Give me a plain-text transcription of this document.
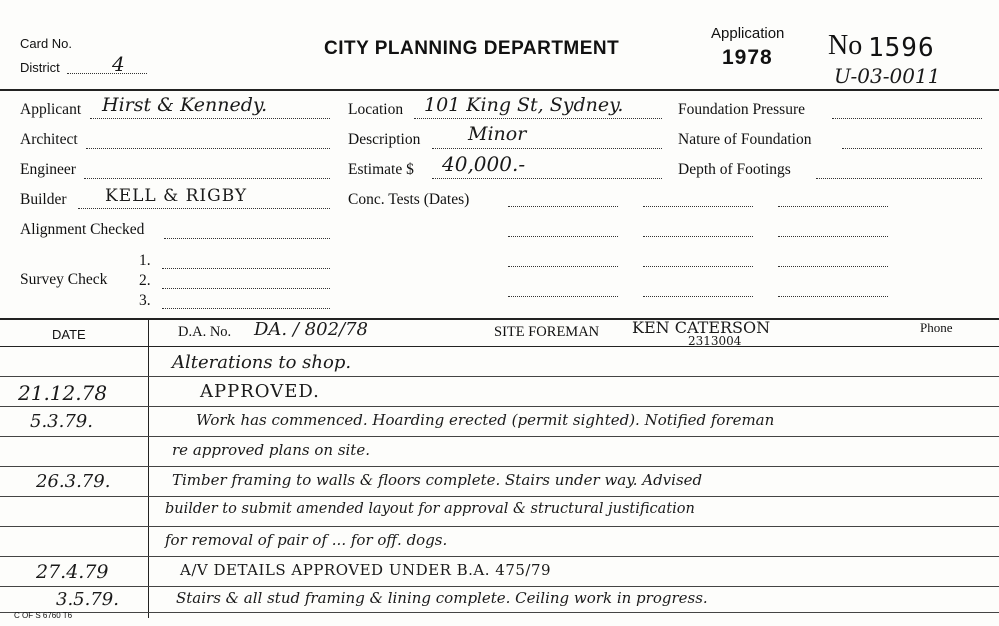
Card No.
District	4
CITY PLANNING DEPARTMENT
Application
1978 No 1596
U-03-0011
Applicant Hirst & Kennedy.
Architect
Engineer
Builder KELL & RIGBY
Alignment Checked
Survey Check
1.
2.
3.
Location 101 King St, Sydney.
Description	Minor
Estimate $ 40,000.-
Conc. Tests (Dates)
Foundation Pressure
Nature of Foundation
Depth of Footings
DATE	D.A. No. DA. / 802/78	SITE FOREMAN KEN CATERSON
2313004
Phone
Alterations to shop.
21.12.78	APPROVED.
5.3.79.	Work has commenced. Hoarding erected (permit sighted). Notified foreman
re approved plans on site.
26.3.79.	Timber framing to walls & floors complete. Stairs under way. Advised
builder to submit amended layout for approval & structural justification
for removal of pair of ... for off. dogs.
27.4.79	A/V DETAILS APPROVED UNDER B.A. 475/79
3.5.79.	Stairs & all stud framing & lining complete. Ceiling work in progress.
C OF S 6760 T6
